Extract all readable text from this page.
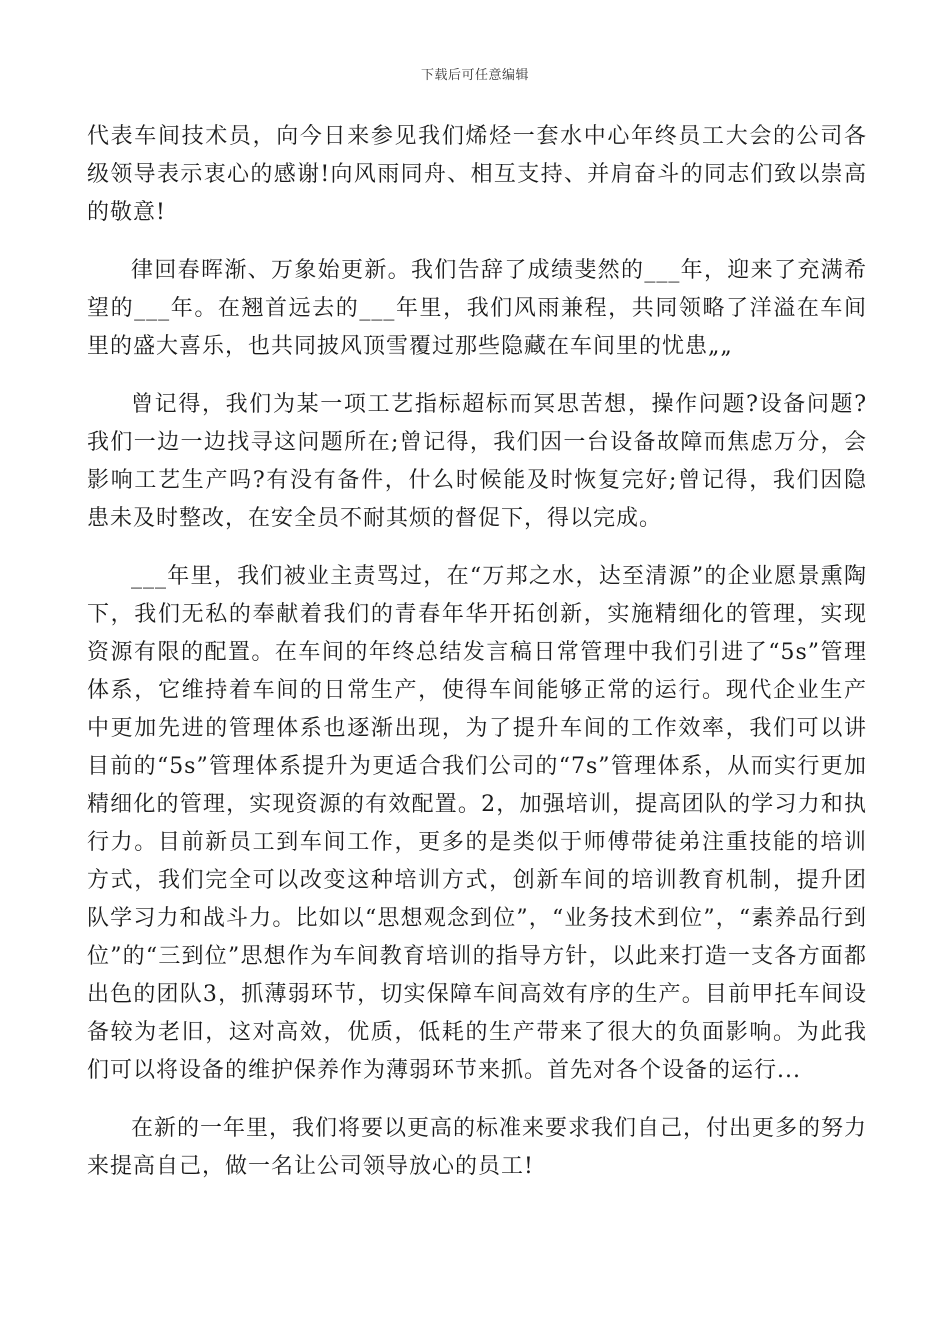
下载后可任意编辑

代表车间技术员，向今日来参见我们烯烃一套水中心年终员工大会的公司各级领导表示衷心的感谢!向风雨同舟、相互支持、并肩奋斗的同志们致以崇高的敬意!

律回春晖渐、万象始更新。我们告辞了成绩斐然的___年，迎来了充满希望的___年。在翘首远去的___年里，我们风雨兼程，共同领略了洋溢在车间里的盛大喜乐，也共同披风顶雪覆过那些隐藏在车间里的忧患„„

曾记得，我们为某一项工艺指标超标而冥思苦想，操作问题?设备问题?我们一边一边找寻这问题所在;曾记得，我们因一台设备故障而焦虑万分，会影响工艺生产吗?有没有备件，什么时候能及时恢复完好;曾记得，我们因隐患未及时整改，在安全员不耐其烦的督促下，得以完成。

___年里，我们被业主责骂过，在“万邦之水，达至清源”的企业愿景熏陶下，我们无私的奉献着我们的青春年华开拓创新，实施精细化的管理，实现资源有限的配置。在车间的年终总结发言稿日常管理中我们引进了“5s”管理体系，它维持着车间的日常生产，使得车间能够正常的运行。现代企业生产中更加先进的管理体系也逐渐出现，为了提升车间的工作效率，我们可以讲目前的“5s”管理体系提升为更适合我们公司的“7s”管理体系，从而实行更加精细化的管理，实现资源的有效配置。2，加强培训，提高团队的学习力和执行力。目前新员工到车间工作，更多的是类似于师傅带徒弟注重技能的培训方式，我们完全可以改变这种培训方式，创新车间的培训教育机制，提升团队学习力和战斗力。比如以“思想观念到位”，“业务技术到位”，“素养品行到位”的“三到位”思想作为车间教育培训的指导方针，以此来打造一支各方面都出色的团队3，抓薄弱环节，切实保障车间高效有序的生产。目前甲托车间设备较为老旧，这对高效，优质，低耗的生产带来了很大的负面影响。为此我们可以将设备的维护保养作为薄弱环节来抓。首先对各个设备的运行...

在新的一年里，我们将要以更高的标准来要求我们自己，付出更多的努力来提高自己，做一名让公司领导放心的员工!
